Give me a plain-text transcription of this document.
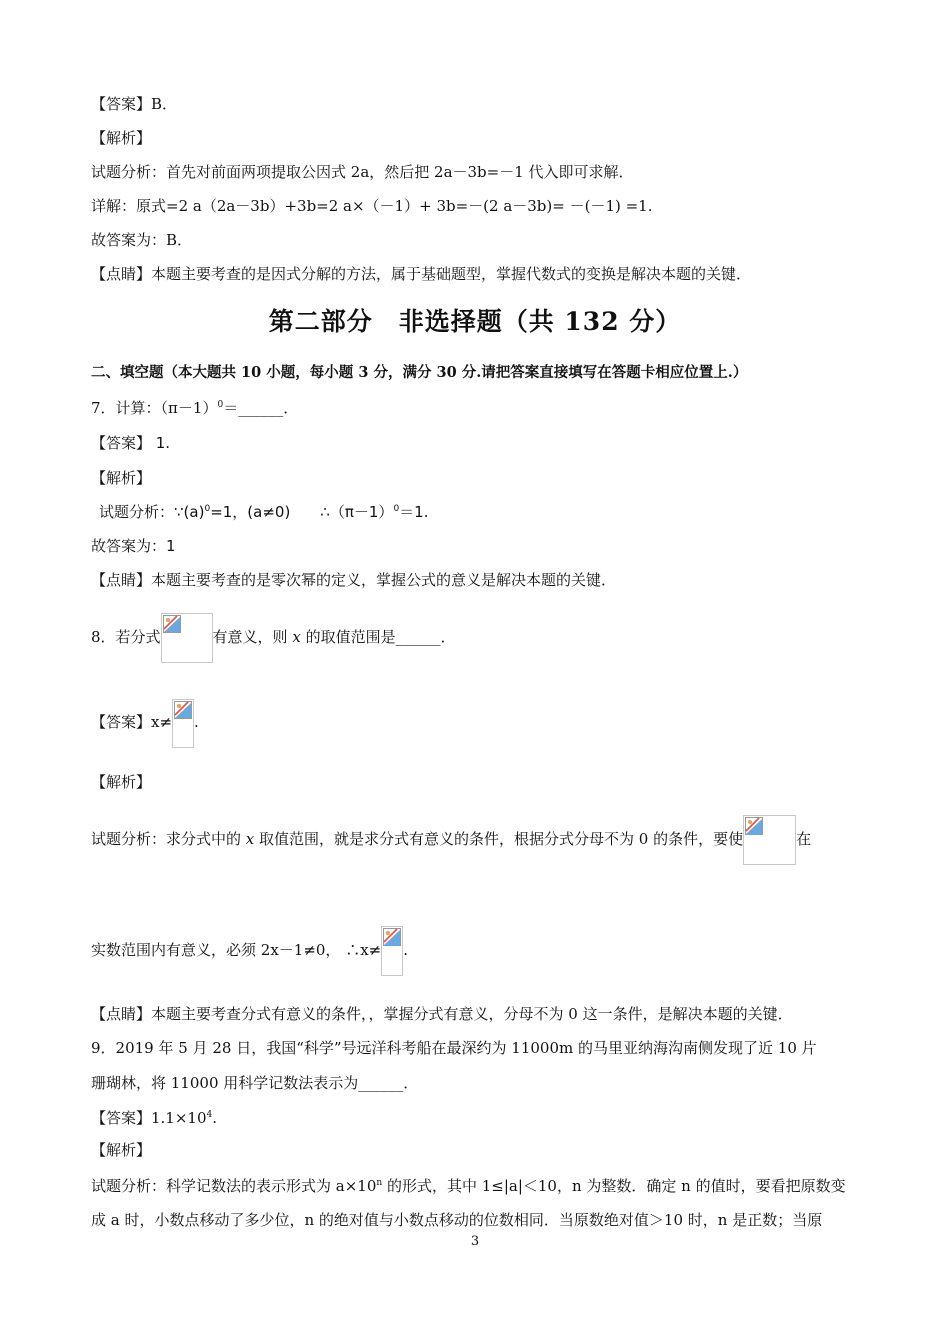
【答案】B．
【解析】
试题分析：首先对前面两项提取公因式 2a，然后把 2a－3b=－1 代入即可求解．
详解：原式=2 a（2a－3b）+3b=2 a×（－1）+ 3b=－(2 a－3b)= －(－1) =1.
故答案为：B．
【点睛】本题主要考查的是因式分解的方法，属于基础题型，掌握代数式的变换是解决本题的关键．
第二部分　非选择题（共 132 分）
二、填空题（本大题共 10 小题，每小题 3 分，满分 30 分.请把答案直接填写在答题卡相应位置上.）
7．计算：$(\pi-1)^0=\_\_\_\_\_\_$．
【答案】 1.
【解析】
试题分析：$\because(a)^0=1$，(a≠0)　　$\therefore(\pi-1)^0=1$.
故答案为：1
【点睛】本题主要考查的是零次幂的定义，掌握公式的意义是解决本题的关键．
8．若分式	有意义，则 x 的取值范围是______．
【答案】x≠ .
【解析】
试题分析：求分式中的 x 取值范围，就是求分式有意义的条件，根据分式分母不为 0 的条件，要使	在
实数范围内有意义，必须 2x－1≠0， ∴x≠ .
【点睛】本题主要考查分式有意义的条件，，掌握分式有意义，分母不为 0 这一条件，是解决本题的关键．
9．2019 年 5 月 28 日，我国“科学”号远洋科考船在最深约为 11000m 的马里亚纳海沟南侧发现了近 10 片
珊瑚林，将 11000 用科学记数法表示为______．
【答案】$1.1\times 10^4$.
【解析】
试题分析：科学记数法的表示形式为 $a\times 10^n$ 的形式，其中 1≤|a|＜10，n 为整数．确定 n 的值时，要看把原数变
成 a 时，小数点移动了多少位，n 的绝对值与小数点移动的位数相同．当原数绝对值＞10 时，n 是正数；当原
3
